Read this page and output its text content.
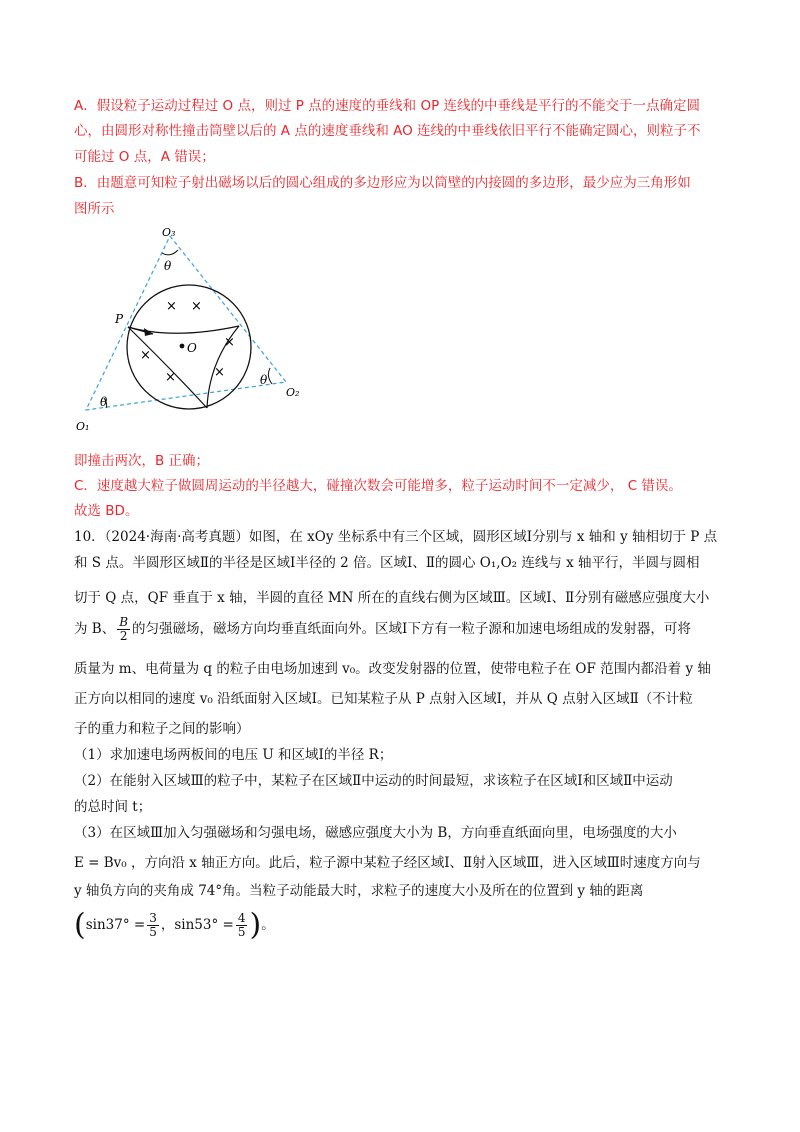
A．假设粒子运动过程过 O 点，则过 P 点的速度的垂线和 OP 连线的中垂线是平行的不能交于一点确定圆
心，由圆形对称性撞击筒壁以后的 A 点的速度垂线和 AO 连线的中垂线依旧平行不能确定圆心，则粒子不
可能过 O 点，A 错误；
B．由题意可知粒子射出磁场以后的圆心组成的多边形应为以筒壁的内接圆的多边形，最少应为三角形如
图所示
O₃
O₂
O₁
P
O
θ
θ
θ
× ×
×
×
×
×
即撞击两次，B 正确；
C．速度越大粒子做圆周运动的半径越大，碰撞次数会可能增多，粒子运动时间不一定减少， C 错误。
故选 BD。
10．（2024·海南·高考真题）如图，在 xOy 坐标系中有三个区域，圆形区域Ⅰ分别与 x 轴和 y 轴相切于 P 点
和 S 点。半圆形区域Ⅱ的半径是区域Ⅰ半径的 2 倍。区域Ⅰ、Ⅱ的圆心 O₁,O₂ 连线与 x 轴平行，半圆与圆相
切于 Q 点，QF 垂直于 x 轴，半圆的直径 MN 所在的直线右侧为区域Ⅲ。区域Ⅰ、Ⅱ分别有磁感应强度大小
为 B、 $\frac{B}{2}$ 的匀强磁场，磁场方向均垂直纸面向外。区域Ⅰ下方有一粒子源和加速电场组成的发射器，可将
质量为 m、电荷量为 q 的粒子由电场加速到 v₀。改变发射器的位置，使带电粒子在 OF 范围内都沿着 y 轴
正方向以相同的速度 v₀ 沿纸面射入区域Ⅰ。已知某粒子从 P 点射入区域Ⅰ，并从 Q 点射入区域Ⅱ（不计粒
子的重力和粒子之间的影响）
（1）求加速电场两板间的电压 U 和区域Ⅰ的半径 R；
（2）在能射入区域Ⅲ的粒子中，某粒子在区域Ⅱ中运动的时间最短，求该粒子在区域Ⅰ和区域Ⅱ中运动
的总时间 t；
（3）在区域Ⅲ加入匀强磁场和匀强电场，磁感应强度大小为 B，方向垂直纸面向里，电场强度的大小
E = Bv₀ ，方向沿 x 轴正方向。此后，粒子源中某粒子经区域Ⅰ、Ⅱ射入区域Ⅲ，进入区域Ⅲ时速度方向与
y 轴负方向的夹角成 74°角。当粒子动能最大时，求粒子的速度大小及所在的位置到 y 轴的距离
($\sin 37^\circ = \frac{3}{5}$ ，$\sin 53^\circ = \frac{4}{5}$ )。
